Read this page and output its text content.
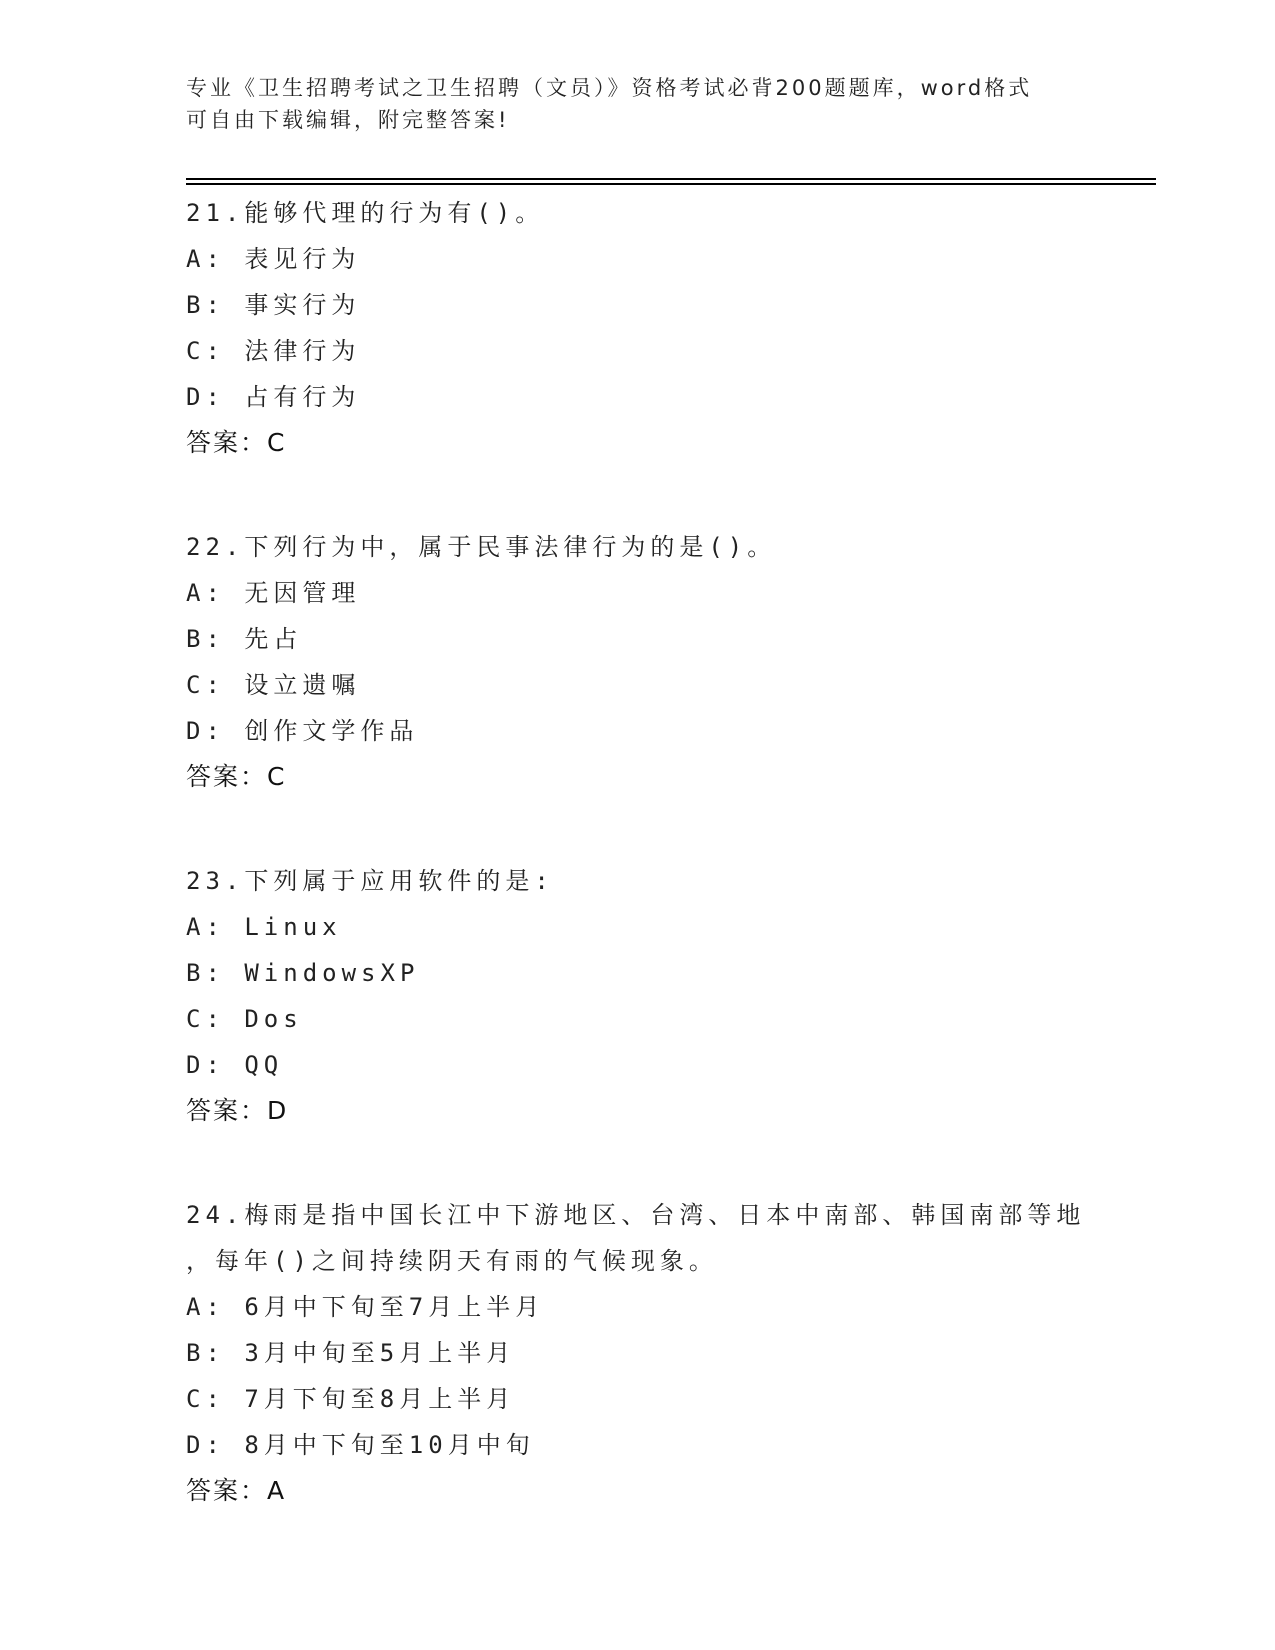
专业《卫生招聘考试之卫生招聘（文员）》资格考试必背200题题库，word格式

可自由下载编辑，附完整答案!

21.能够代理的行为有()。
A: 表见行为
B: 事实行为
C: 法律行为
D: 占有行为
答案：C
22.下列行为中，属于民事法律行为的是()。
A: 无因管理
B: 先占
C: 设立遗嘱
D: 创作文学作品
答案：C
23.下列属于应用软件的是:
A: Linux
B: WindowsXP
C: Dos
D: QQ
答案：D
24.梅雨是指中国长江中下游地区、台湾、日本中南部、韩国南部等地
，每年()之间持续阴天有雨的气候现象。
A: 6月中下旬至7月上半月
B: 3月中旬至5月上半月
C: 7月下旬至8月上半月
D: 8月中下旬至10月中旬
答案：A
